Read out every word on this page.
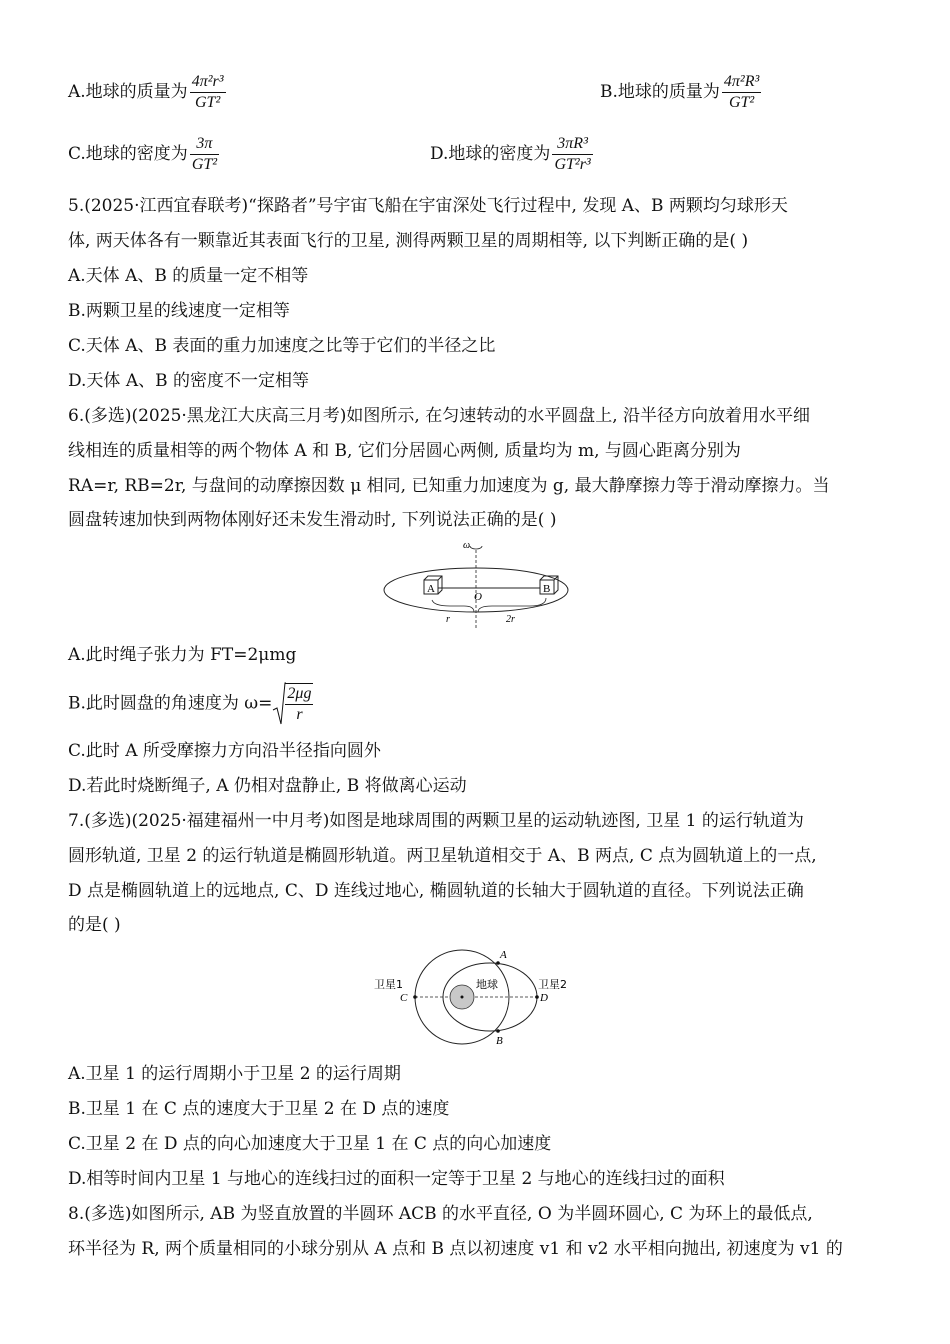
A.地球的质量为 $\frac{\text{4π²r³}}{\text{GT²}}$	B.地球的质量为 $\frac{\text{4π²R³}}{\text{GT²}}$
C.地球的密度为 $\frac{3\pi}{\text{GT²}}$	D.地球的密度为 $\frac{\text{3πR³}}{\text{GT²r³}}$
5.(2025·江西宜春联考)“探路者”号宇宙飞船在宇宙深处飞行过程中, 发现 A、B 两颗均匀球形天
体, 两天体各有一颗靠近其表面飞行的卫星, 测得两颗卫星的周期相等, 以下判断正确的是( )
A.天体 A、B 的质量一定不相等
B.两颗卫星的线速度一定相等
C.天体 A、B 表面的重力加速度之比等于它们的半径之比
D.天体 A、B 的密度不一定相等
6.(多选)(2025·黑龙江大庆高三月考)如图所示, 在匀速转动的水平圆盘上, 沿半径方向放着用水平细
线相连的质量相等的两个物体 A 和 B, 它们分居圆心两侧, 质量均为 m, 与圆心距离分别为
RA=r, RB=2r, 与盘间的动摩擦因数 μ 相同, 已知重力加速度为 g, 最大静摩擦力等于滑动摩擦力。当
圆盘转速加快到两物体刚好还未发生滑动时, 下列说法正确的是( )
ω
A	B
O
r	2r
A.此时绳子张力为 FT=2μmg
B.此时圆盘的角速度为 $\omega= \frac{2\mu g}{r}$
C.此时 A 所受摩擦力方向沿半径指向圆外
D.若此时烧断绳子, A 仍相对盘静止, B 将做离心运动
7.(多选)(2025·福建福州一中月考)如图是地球周围的两颗卫星的运动轨迹图, 卫星 1 的运行轨道为
圆形轨道, 卫星 2 的运行轨道是椭圆形轨道。两卫星轨道相交于 A、B 两点, C 点为圆轨道上的一点,
D 点是椭圆轨道上的远地点, C、D 连线过地心, 椭圆轨道的长轴大于圆轨道的直径。下列说法正确
的是( )
地球
卫星1	卫星2
C	D
A
B
A.卫星 1 的运行周期小于卫星 2 的运行周期
B.卫星 1 在 C 点的速度大于卫星 2 在 D 点的速度
C.卫星 2 在 D 点的向心加速度大于卫星 1 在 C 点的向心加速度
D.相等时间内卫星 1 与地心的连线扫过的面积一定等于卫星 2 与地心的连线扫过的面积
8.(多选)如图所示, AB 为竖直放置的半圆环 ACB 的水平直径, O 为半圆环圆心, C 为环上的最低点,
环半径为 R, 两个质量相同的小球分别从 A 点和 B 点以初速度 v1 和 v2 水平相向抛出, 初速度为 v1 的
